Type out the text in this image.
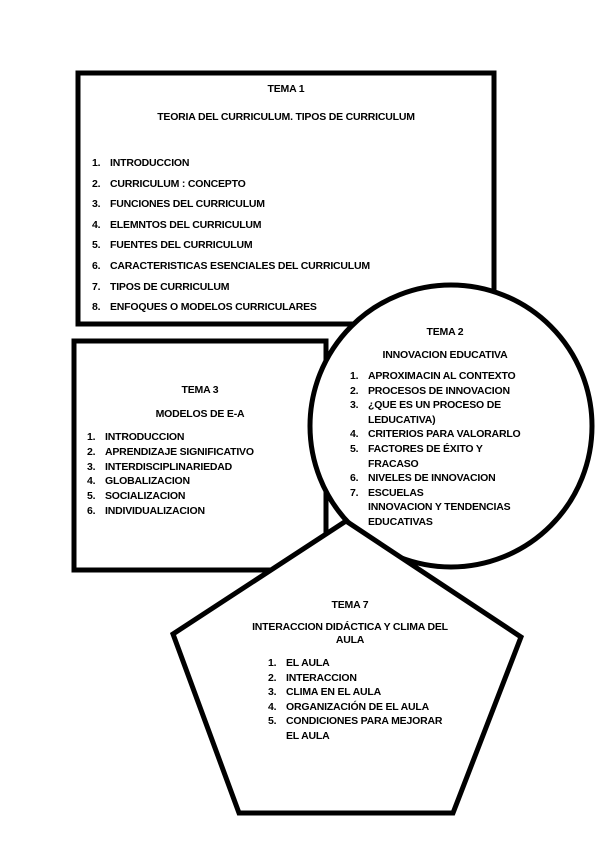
TEMA 1
TEORIA DEL CURRICULUM. TIPOS DE CURRICULUM
1. INTRODUCCION
2. CURRICULUM : CONCEPTO
3. FUNCIONES DEL CURRICULUM
4. ELEMNTOS DEL CURRICULUM
5. FUENTES DEL CURRICULUM
6. CARACTERISTICAS ESENCIALES DEL CURRICULUM
7. TIPOS DE CURRICULUM
8. ENFOQUES O MODELOS CURRICULARES
TEMA 2
INNOVACION EDUCATIVA
1. APROXIMACIN AL CONTEXTO
2. PROCESOS DE INNOVACION
3. ¿QUE ES UN PROCESO DE
LEDUCATIVA)
4. CRITERIOS PARA VALORARLO
5. FACTORES DE ÉXITO Y FRACASO
6. NIVELES DE INNOVACION
7. ESCUELAS
INNOVACION Y TENDENCIAS
EDUCATIVAS
TEMA 3
MODELOS DE E-A
1. INTRODUCCION
2. APRENDIZAJE SIGNIFICATIVO
3. INTERDISCIPLINARIEDAD
4. GLOBALIZACION
5. SOCIALIZACION
6. INDIVIDUALIZACION
TEMA 7
INTERACCION DIDÁCTICA Y CLIMA DEL
AULA
1. EL AULA
2. INTERACCION
3. CLIMA EN EL AULA
4. ORGANIZACIÓN DE EL AULA
5. CONDICIONES PARA MEJORAR
EL AULA
